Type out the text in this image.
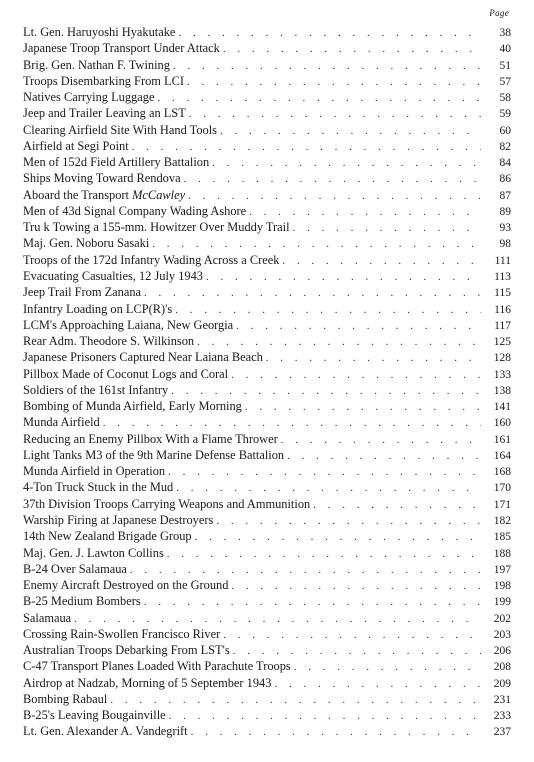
Page
Lt. Gen. Haruyoshi Hyakutake . . .	38
Japanese Troop Transport Under Attack . . .	40
Brig. Gen. Nathan F. Twining . . .	51
Troops Disembarking From LCI . . .	57
Natives Carrying Luggage . . .	58
Jeep and Trailer Leaving an LST . . .	59
Clearing Airfield Site With Hand Tools . . .	60
Airfield at Segi Point . . .	82
Men of 152d Field Artillery Battalion . . .	84
Ships Moving Toward Rendova . . .	86
Aboard the Transport McCawley . . .	87
Men of 43d Signal Company Wading Ashore . . .	89
Tru k Towing a 155-mm. Howitzer Over Muddy Trail . . .	93
Maj. Gen. Noboru Sasaki . . .	98
Troops of the 172d Infantry Wading Across a Creek . . .	111
Evacuating Casualties, 12 July 1943 . . .	113
Jeep Trail From Zanana . . .	115
Infantry Loading on LCP(R)'s . . .	116
LCM's Approaching Laiana, New Georgia . . .	117
Rear Adm. Theodore S. Wilkinson . . .	125
Japanese Prisoners Captured Near Laiana Beach . . .	128
Pillbox Made of Coconut Logs and Coral . . .	133
Soldiers of the 161st Infantry . . .	138
Bombing of Munda Airfield, Early Morning . . .	141
Munda Airfield . . .	160
Reducing an Enemy Pillbox With a Flame Thrower . . .	161
Light Tanks M3 of the 9th Marine Defense Battalion . . .	164
Munda Airfield in Operation . . .	168
4-Ton Truck Stuck in the Mud . . .	170
37th Division Troops Carrying Weapons and Ammunition . . .	171
Warship Firing at Japanese Destroyers . . .	182
14th New Zealand Brigade Group . . .	185
Maj. Gen. J. Lawton Collins . . .	188
B-24 Over Salamaua . . .	197
Enemy Aircraft Destroyed on the Ground . . .	198
B-25 Medium Bombers . . .	199
Salamaua . . .	202
Crossing Rain-Swollen Francisco River . . .	203
Australian Troops Debarking From LST's . . .	206
C-47 Transport Planes Loaded With Parachute Troops . . .	208
Airdrop at Nadzab, Morning of 5 September 1943 . . .	209
Bombing Rabaul . . .	231
B-25's Leaving Bougainville . . .	233
Lt. Gen. Alexander A. Vandegrift . . .	237
